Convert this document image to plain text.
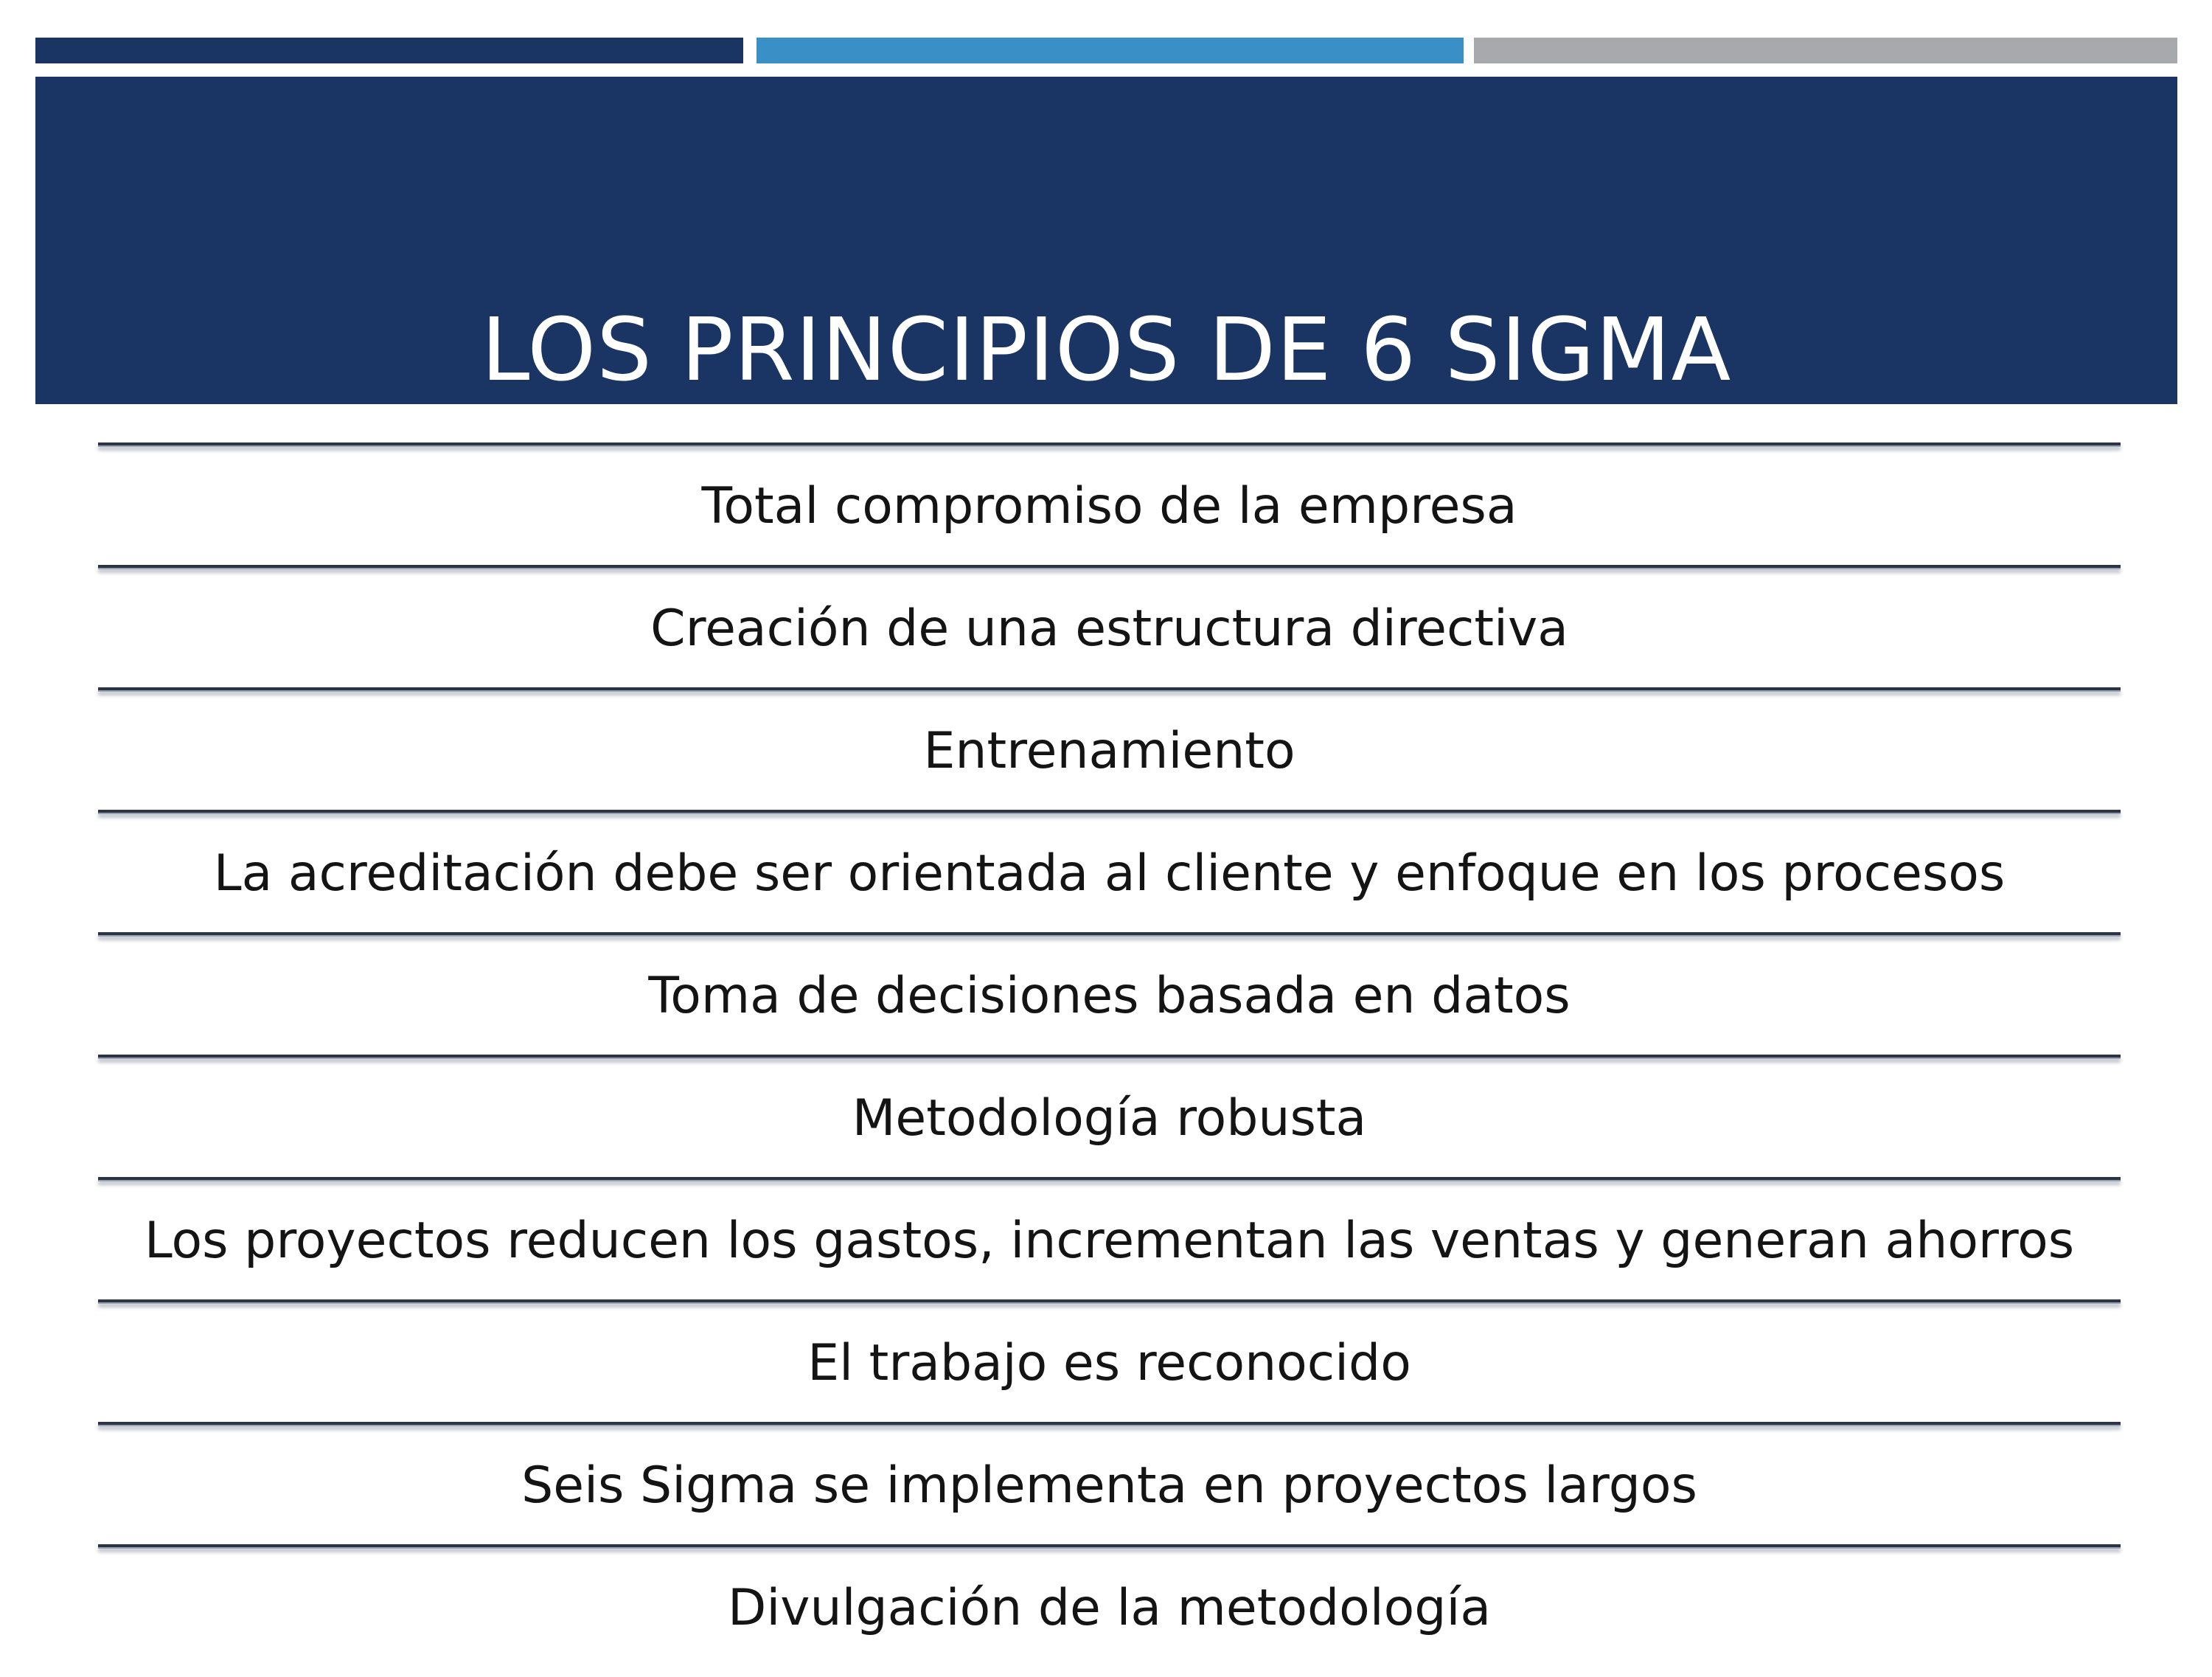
LOS PRINCIPIOS DE 6 SIGMA
Total compromiso de la empresa
Creación de una estructura directiva
Entrenamiento
La acreditación debe ser orientada al cliente y enfoque en los procesos
Toma de decisiones basada en datos
Metodología robusta
Los proyectos reducen los gastos, incrementan las ventas y generan ahorros
El trabajo es reconocido
Seis Sigma se implementa en proyectos largos
Divulgación de la metodología
